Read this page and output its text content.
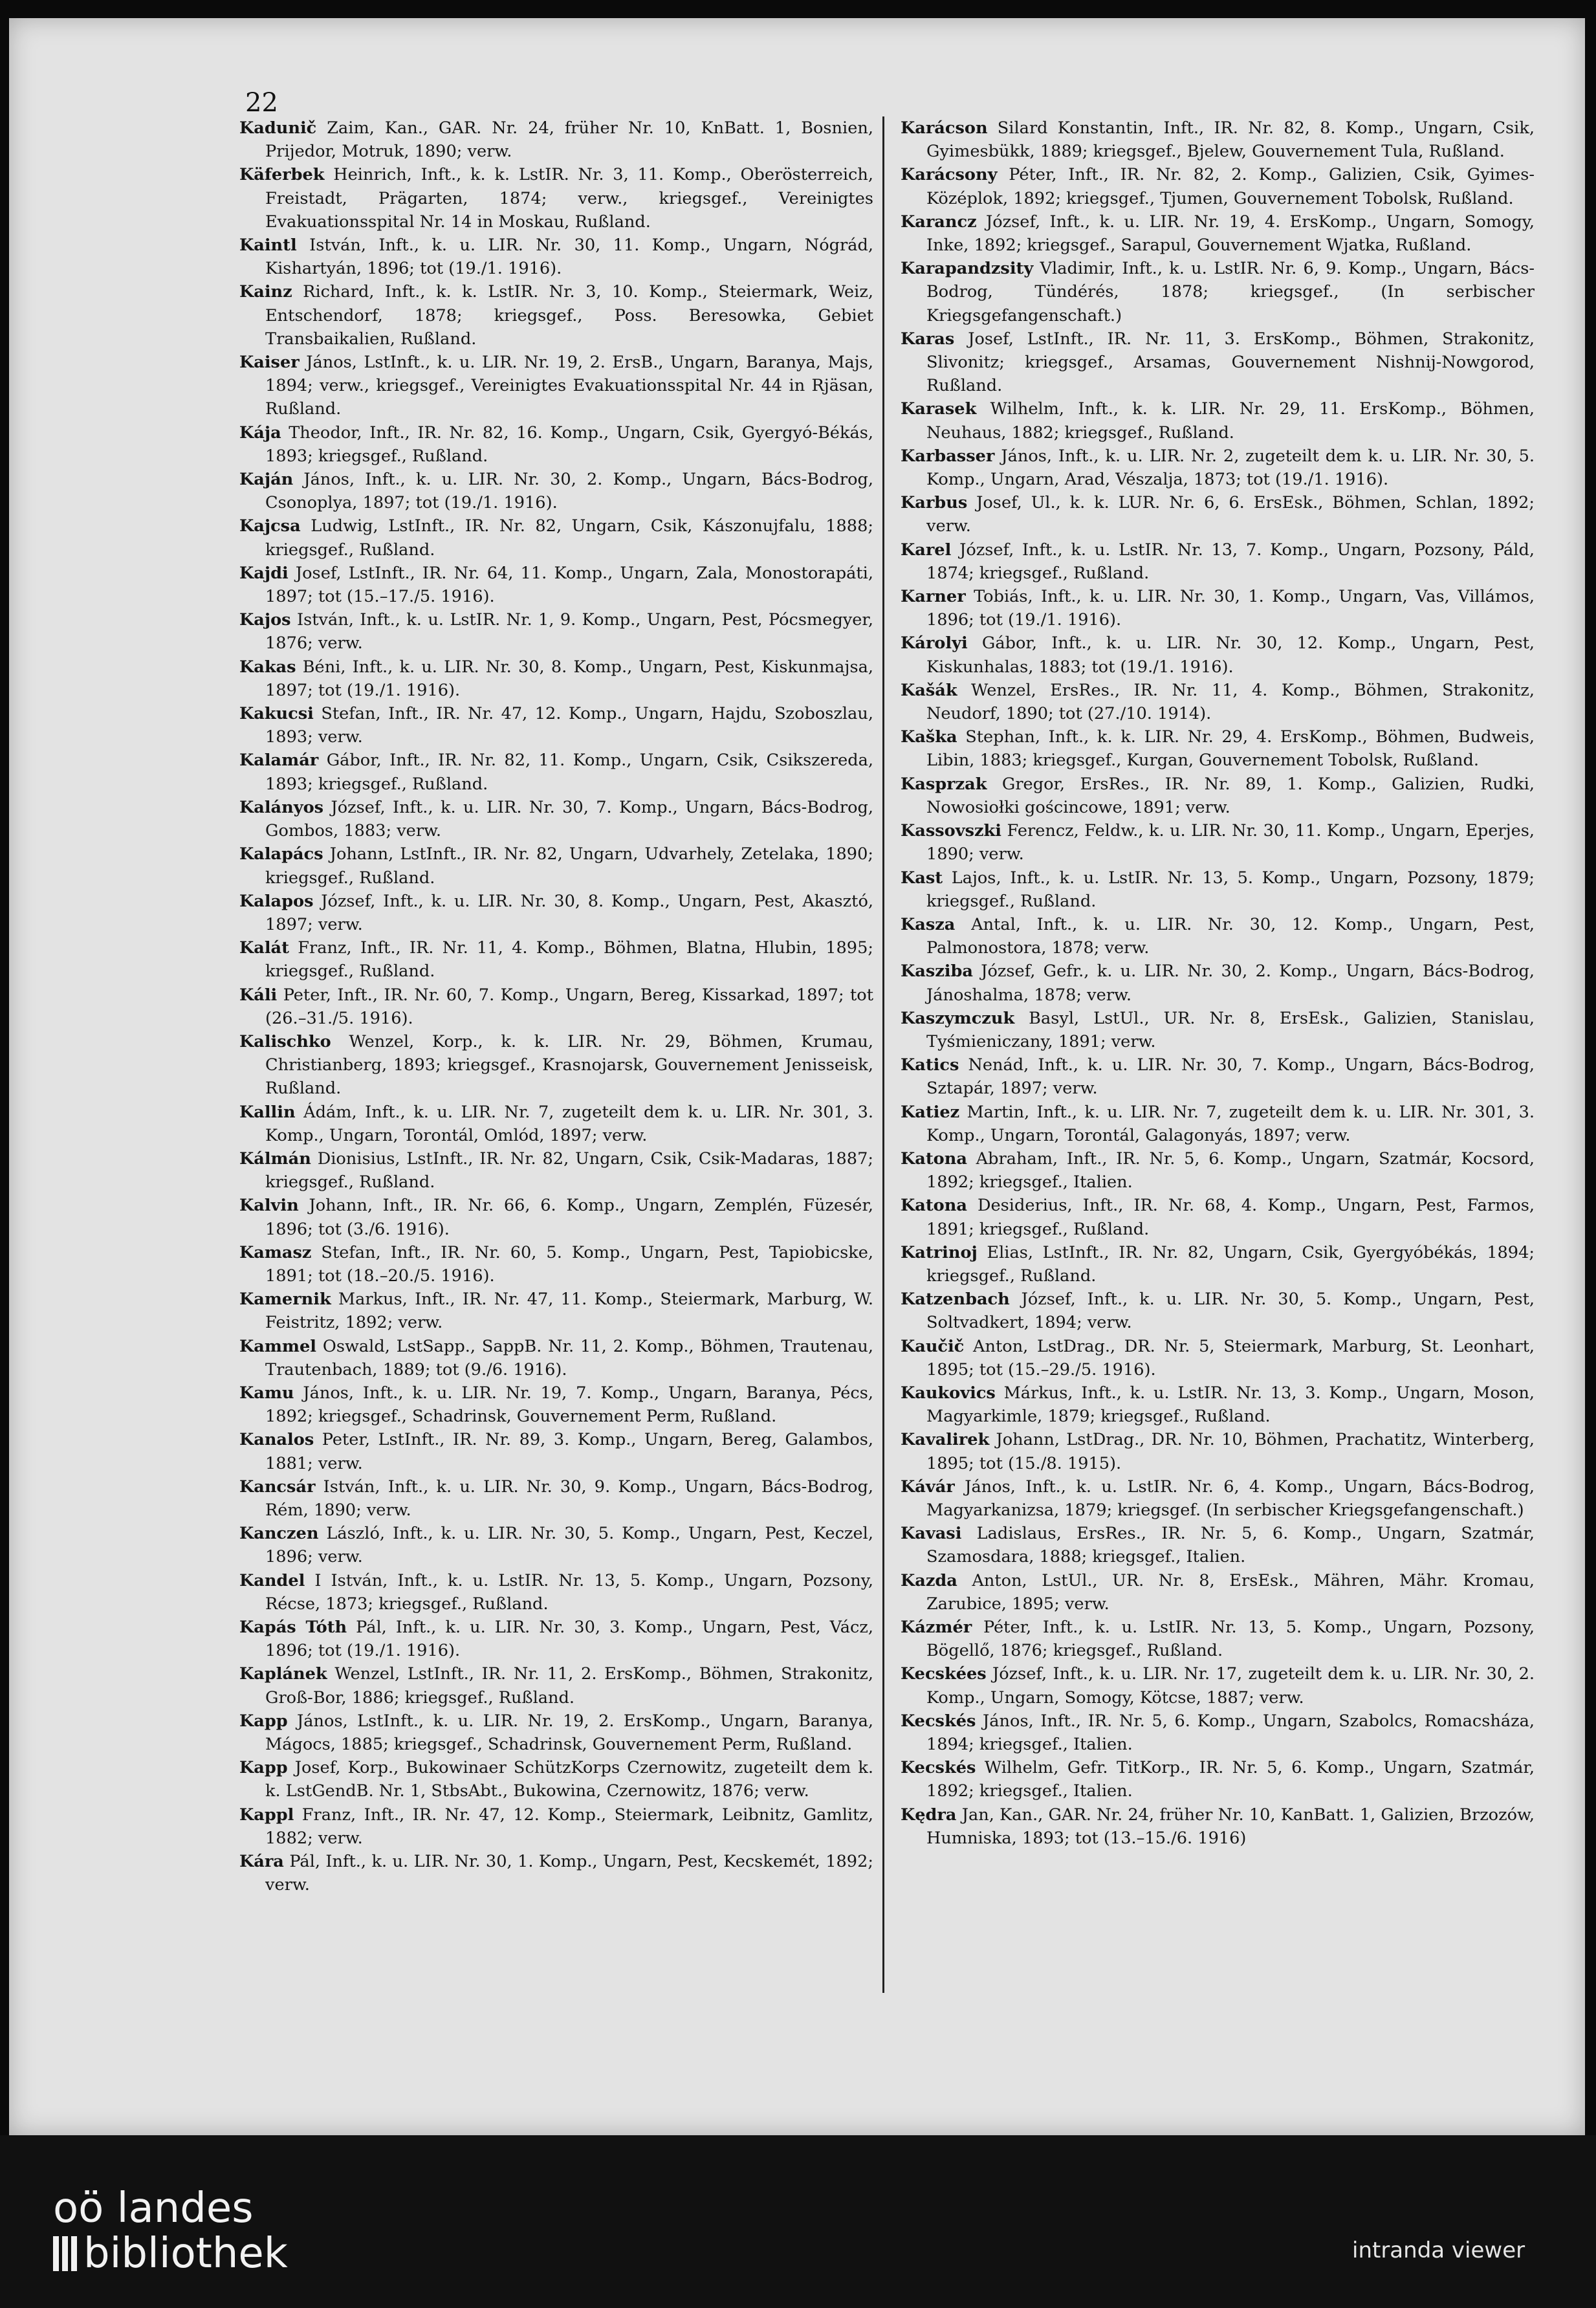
22

Kadunič Zaim, Kan., GAR. Nr. 24, früher Nr. 10, KnBatt. 1, Bosnien, Prijedor, Motruk, 1890; verw.

Käferbek Heinrich, Inft., k. k. LstIR. Nr. 3, 11. Komp., Oberösterreich, Freistadt, Prägarten, 1874; verw., kriegsgef., Vereinigtes Evakuationsspital Nr. 14 in Moskau, Rußland.

Kaintl István, Inft., k. u. LIR. Nr. 30, 11. Komp., Ungarn, Nógrád, Kishartyán, 1896; tot (19./1. 1916).

Kainz Richard, Inft., k. k. LstIR. Nr. 3, 10. Komp., Steiermark, Weiz, Entschendorf, 1878; kriegsgef., Poss. Beresowka, Gebiet Transbaikalien, Rußland.

Kaiser János, LstInft., k. u. LIR. Nr. 19, 2. ErsB., Ungarn, Baranya, Majs, 1894; verw., kriegsgef., Vereinigtes Evakuationsspital Nr. 44 in Rjäsan, Rußland.

Kája Theodor, Inft., IR. Nr. 82, 16. Komp., Ungarn, Csik, Gyergyó-Békás, 1893; kriegsgef., Rußland.

Kaján János, Inft., k. u. LIR. Nr. 30, 2. Komp., Ungarn, Bács-Bodrog, Csonoplya, 1897; tot (19./1. 1916).

Kajcsa Ludwig, LstInft., IR. Nr. 82, Ungarn, Csik, Kászonujfalu, 1888; kriegsgef., Rußland.

Kajdi Josef, LstInft., IR. Nr. 64, 11. Komp., Ungarn, Zala, Monostorapáti, 1897; tot (15.–17./5. 1916).

Kajos István, Inft., k. u. LstIR. Nr. 1, 9. Komp., Ungarn, Pest, Pócsmegyer, 1876; verw.

Kakas Béni, Inft., k. u. LIR. Nr. 30, 8. Komp., Ungarn, Pest, Kiskunmajsa, 1897; tot (19./1. 1916).

Kakucsi Stefan, Inft., IR. Nr. 47, 12. Komp., Ungarn, Hajdu, Szoboszlau, 1893; verw.

Kalamár Gábor, Inft., IR. Nr. 82, 11. Komp., Ungarn, Csik, Csikszereda, 1893; kriegsgef., Rußland.

Kalányos József, Inft., k. u. LIR. Nr. 30, 7. Komp., Ungarn, Bács-Bodrog, Gombos, 1883; verw.

Kalapács Johann, LstInft., IR. Nr. 82, Ungarn, Udvarhely, Zetelaka, 1890; kriegsgef., Rußland.

Kalapos József, Inft., k. u. LIR. Nr. 30, 8. Komp., Ungarn, Pest, Akasztó, 1897; verw.

Kalát Franz, Inft., IR. Nr. 11, 4. Komp., Böhmen, Blatna, Hlubin, 1895; kriegsgef., Rußland.

Káli Peter, Inft., IR. Nr. 60, 7. Komp., Ungarn, Bereg, Kissarkad, 1897; tot (26.–31./5. 1916).

Kalischko Wenzel, Korp., k. k. LIR. Nr. 29, Böhmen, Krumau, Christianberg, 1893; kriegsgef., Krasnojarsk, Gouvernement Jenisseisk, Rußland.

Kallin Ádám, Inft., k. u. LIR. Nr. 7, zugeteilt dem k. u. LIR. Nr. 301, 3. Komp., Ungarn, Torontál, Omlód, 1897; verw.

Kálmán Dionisius, LstInft., IR. Nr. 82, Ungarn, Csik, Csik-Madaras, 1887; kriegsgef., Rußland.

Kalvin Johann, Inft., IR. Nr. 66, 6. Komp., Ungarn, Zemplén, Füzesér, 1896; tot (3./6. 1916).

Kamasz Stefan, Inft., IR. Nr. 60, 5. Komp., Ungarn, Pest, Tapiobicske, 1891; tot (18.–20./5. 1916).

Kamernik Markus, Inft., IR. Nr. 47, 11. Komp., Steiermark, Marburg, W. Feistritz, 1892; verw.

Kammel Oswald, LstSapp., SappB. Nr. 11, 2. Komp., Böhmen, Trautenau, Trautenbach, 1889; tot (9./6. 1916).

Kamu János, Inft., k. u. LIR. Nr. 19, 7. Komp., Ungarn, Baranya, Pécs, 1892; kriegsgef., Schadrinsk, Gouvernement Perm, Rußland.

Kanalos Peter, LstInft., IR. Nr. 89, 3. Komp., Ungarn, Bereg, Galambos, 1881; verw.

Kancsár István, Inft., k. u. LIR. Nr. 30, 9. Komp., Ungarn, Bács-Bodrog, Rém, 1890; verw.

Kanczen László, Inft., k. u. LIR. Nr. 30, 5. Komp., Ungarn, Pest, Keczel, 1896; verw.

Kandel I István, Inft., k. u. LstIR. Nr. 13, 5. Komp., Ungarn, Pozsony, Récse, 1873; kriegsgef., Rußland.

Kapás Tóth Pál, Inft., k. u. LIR. Nr. 30, 3. Komp., Ungarn, Pest, Vácz, 1896; tot (19./1. 1916).

Kaplánek Wenzel, LstInft., IR. Nr. 11, 2. ErsKomp., Böhmen, Strakonitz, Groß-Bor, 1886; kriegsgef., Rußland.

Kapp János, LstInft., k. u. LIR. Nr. 19, 2. ErsKomp., Ungarn, Baranya, Mágocs, 1885; kriegsgef., Schadrinsk, Gouvernement Perm, Rußland.

Kapp Josef, Korp., Bukowinaer SchützKorps Czernowitz, zugeteilt dem k. k. LstGendB. Nr. 1, StbsAbt., Bukowina, Czernowitz, 1876; verw.

Kappl Franz, Inft., IR. Nr. 47, 12. Komp., Steiermark, Leibnitz, Gamlitz, 1882; verw.

Kára Pál, Inft., k. u. LIR. Nr. 30, 1. Komp., Ungarn, Pest, Kecskemét, 1892; verw.

Karácson Silard Konstantin, Inft., IR. Nr. 82, 8. Komp., Ungarn, Csik, Gyimesbükk, 1889; kriegsgef., Bjelew, Gouvernement Tula, Rußland.

Karácsony Péter, Inft., IR. Nr. 82, 2. Komp., Galizien, Csik, Gyimes-Középlok, 1892; kriegsgef., Tjumen, Gouvernement Tobolsk, Rußland.

Karancz József, Inft., k. u. LIR. Nr. 19, 4. ErsKomp., Ungarn, Somogy, Inke, 1892; kriegsgef., Sarapul, Gouvernement Wjatka, Rußland.

Karapandzsity Vladimir, Inft., k. u. LstIR. Nr. 6, 9. Komp., Ungarn, Bács-Bodrog, Tündérés, 1878; kriegsgef., (In serbischer Kriegsgefangenschaft.)

Karas Josef, LstInft., IR. Nr. 11, 3. ErsKomp., Böhmen, Strakonitz, Slivonitz; kriegsgef., Arsamas, Gouvernement Nishnij-Nowgorod, Rußland.

Karasek Wilhelm, Inft., k. k. LIR. Nr. 29, 11. ErsKomp., Böhmen, Neuhaus, 1882; kriegsgef., Rußland.

Karbasser János, Inft., k. u. LIR. Nr. 2, zugeteilt dem k. u. LIR. Nr. 30, 5. Komp., Ungarn, Arad, Vészalja, 1873; tot (19./1. 1916).

Karbus Josef, Ul., k. k. LUR. Nr. 6, 6. ErsEsk., Böhmen, Schlan, 1892; verw.

Karel József, Inft., k. u. LstIR. Nr. 13, 7. Komp., Ungarn, Pozsony, Páld, 1874; kriegsgef., Rußland.

Karner Tobiás, Inft., k. u. LIR. Nr. 30, 1. Komp., Ungarn, Vas, Villámos, 1896; tot (19./1. 1916).

Károlyi Gábor, Inft., k. u. LIR. Nr. 30, 12. Komp., Ungarn, Pest, Kiskunhalas, 1883; tot (19./1. 1916).

Kašák Wenzel, ErsRes., IR. Nr. 11, 4. Komp., Böhmen, Strakonitz, Neudorf, 1890; tot (27./10. 1914).

Kaška Stephan, Inft., k. k. LIR. Nr. 29, 4. ErsKomp., Böhmen, Budweis, Libin, 1883; kriegsgef., Kurgan, Gouvernement Tobolsk, Rußland.

Kasprzak Gregor, ErsRes., IR. Nr. 89, 1. Komp., Galizien, Rudki, Nowosiołki gościncowe, 1891; verw.

Kassovszki Ferencz, Feldw., k. u. LIR. Nr. 30, 11. Komp., Ungarn, Eperjes, 1890; verw.

Kast Lajos, Inft., k. u. LstIR. Nr. 13, 5. Komp., Ungarn, Pozsony, 1879; kriegsgef., Rußland.

Kasza Antal, Inft., k. u. LIR. Nr. 30, 12. Komp., Ungarn, Pest, Palmonostora, 1878; verw.

Kasziba József, Gefr., k. u. LIR. Nr. 30, 2. Komp., Ungarn, Bács-Bodrog, Jánoshalma, 1878; verw.

Kaszymczuk Basyl, LstUl., UR. Nr. 8, ErsEsk., Galizien, Stanislau, Tyśmieniczany, 1891; verw.

Katics Nenád, Inft., k. u. LIR. Nr. 30, 7. Komp., Ungarn, Bács-Bodrog, Sztapár, 1897; verw.

Katiez Martin, Inft., k. u. LIR. Nr. 7, zugeteilt dem k. u. LIR. Nr. 301, 3. Komp., Ungarn, Torontál, Galagonyás, 1897; verw.

Katona Abraham, Inft., IR. Nr. 5, 6. Komp., Ungarn, Szatmár, Kocsord, 1892; kriegsgef., Italien.

Katona Desiderius, Inft., IR. Nr. 68, 4. Komp., Ungarn, Pest, Farmos, 1891; kriegsgef., Rußland.

Katrinoj Elias, LstInft., IR. Nr. 82, Ungarn, Csik, Gyergyóbékás, 1894; kriegsgef., Rußland.

Katzenbach József, Inft., k. u. LIR. Nr. 30, 5. Komp., Ungarn, Pest, Soltvadkert, 1894; verw.

Kaučič Anton, LstDrag., DR. Nr. 5, Steiermark, Marburg, St. Leonhart, 1895; tot (15.–29./5. 1916).

Kaukovics Márkus, Inft., k. u. LstIR. Nr. 13, 3. Komp., Ungarn, Moson, Magyarkimle, 1879; kriegsgef., Rußland.

Kavalirek Johann, LstDrag., DR. Nr. 10, Böhmen, Prachatitz, Winterberg, 1895; tot (15./8. 1915).

Kávár János, Inft., k. u. LstIR. Nr. 6, 4. Komp., Ungarn, Bács-Bodrog, Magyarkanizsa, 1879; kriegsgef. (In serbischer Kriegsgefangenschaft.)

Kavasi Ladislaus, ErsRes., IR. Nr. 5, 6. Komp., Ungarn, Szatmár, Szamosdara, 1888; kriegsgef., Italien.

Kazda Anton, LstUl., UR. Nr. 8, ErsEsk., Mähren, Mähr. Kromau, Zarubice, 1895; verw.

Kázmér Péter, Inft., k. u. LstIR. Nr. 13, 5. Komp., Ungarn, Pozsony, Bögellő, 1876; kriegsgef., Rußland.

Kecskées József, Inft., k. u. LIR. Nr. 17, zugeteilt dem k. u. LIR. Nr. 30, 2. Komp., Ungarn, Somogy, Kötcse, 1887; verw.

Kecskés János, Inft., IR. Nr. 5, 6. Komp., Ungarn, Szabolcs, Romacsháza, 1894; kriegsgef., Italien.

Kecskés Wilhelm, Gefr. TitKorp., IR. Nr. 5, 6. Komp., Ungarn, Szatmár, 1892; kriegsgef., Italien.

Kędra Jan, Kan., GAR. Nr. 24, früher Nr. 10, KanBatt. 1, Galizien, Brzozów, Humniska, 1893; tot (13.–15./6. 1916)

oö landes
bibliothek	intranda viewer
